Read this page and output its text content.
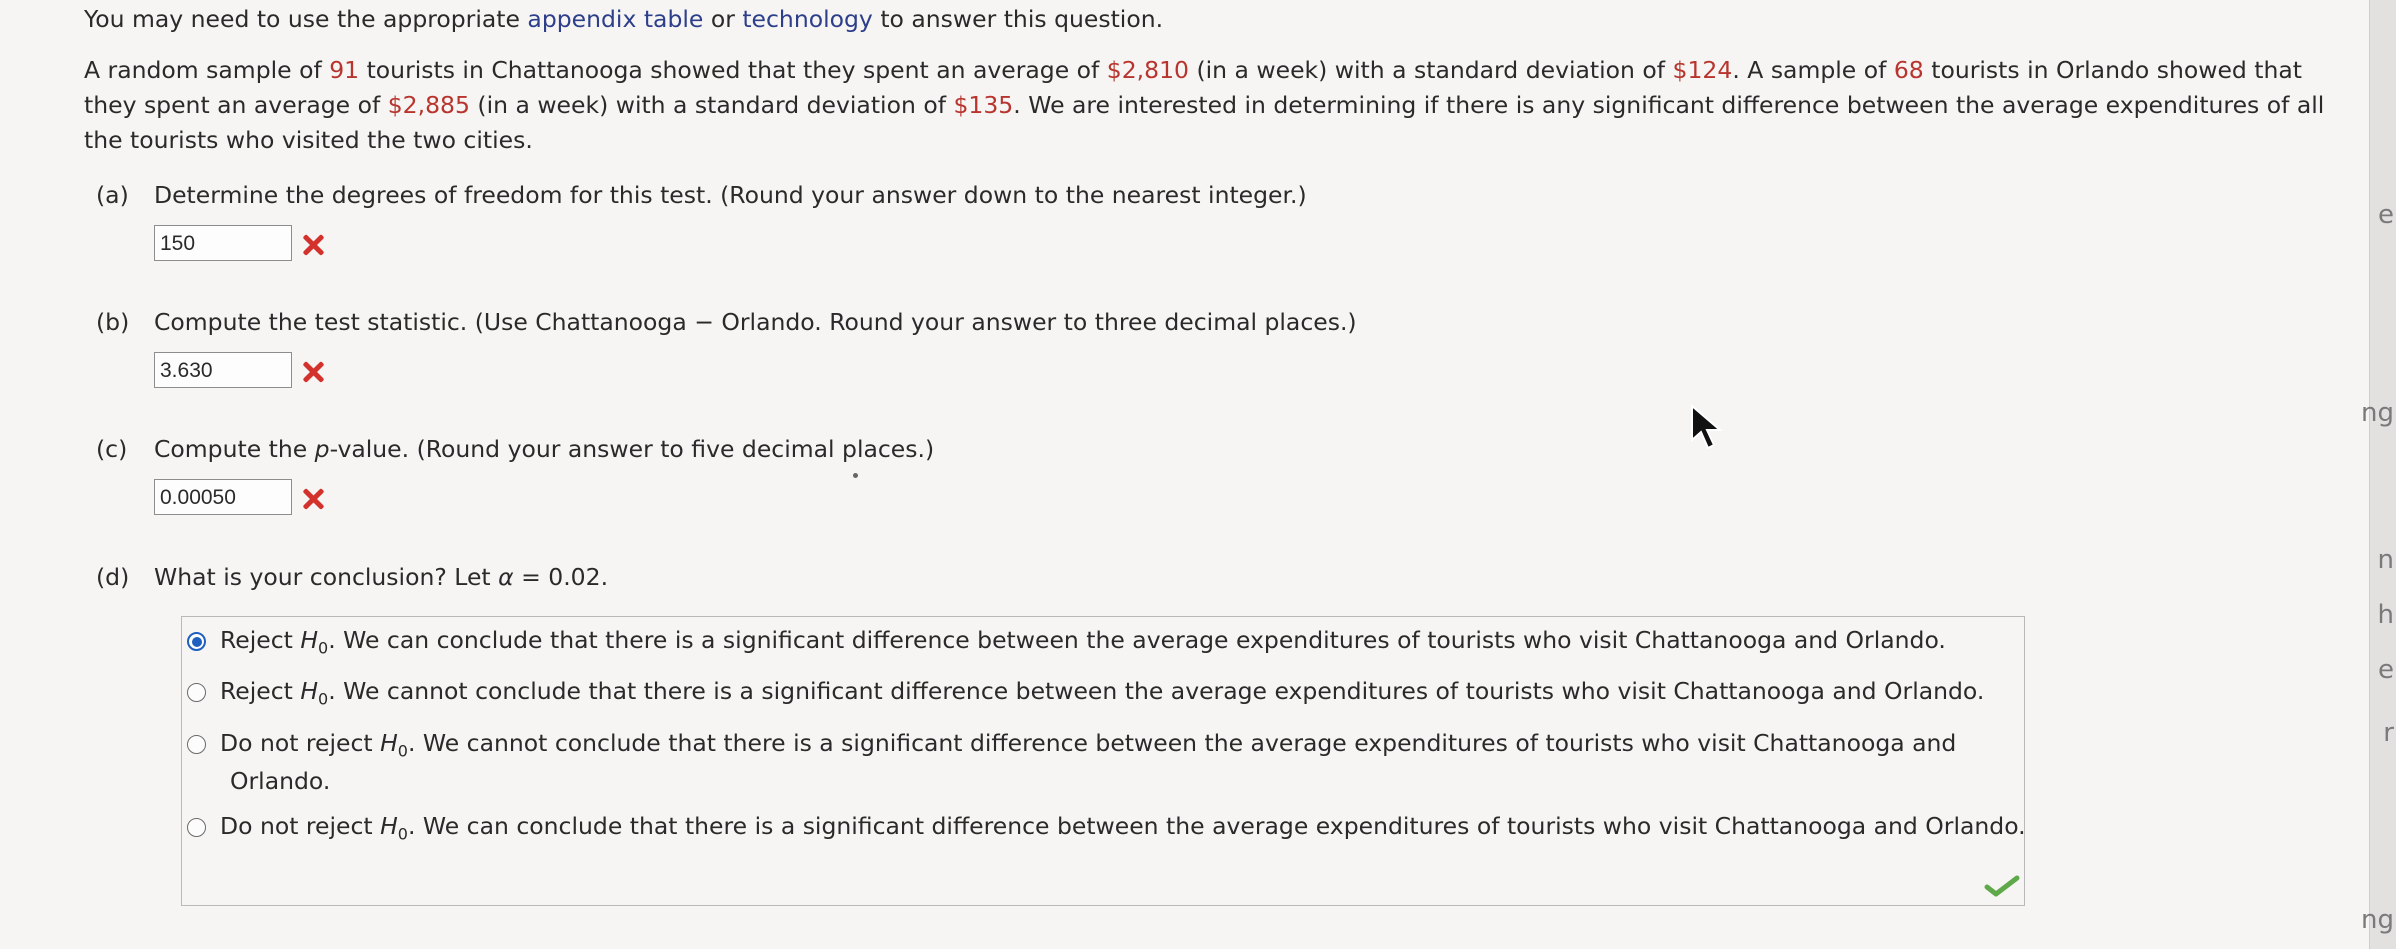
You may need to use the appropriate appendix table or technology to answer this question.
A random sample of 91 tourists in Chattanooga showed that they spent an average of $2,810 (in a week) with a standard deviation of $124. A sample of 68 tourists in Orlando showed that
they spent an average of $2,885 (in a week) with a standard deviation of $135. We are interested in determining if there is any significant difference between the average expenditures of all
the tourists who visited the two cities.
(a) Determine the degrees of freedom for this test. (Round your answer down to the nearest integer.)
150
(b) Compute the test statistic. (Use Chattanooga − Orlando. Round your answer to three decimal places.)
3.630
(c) Compute the p-value. (Round your answer to five decimal places.)
0.00050
(d) What is your conclusion? Let α = 0.02.
Reject $H_0$. We can conclude that there is a significant difference between the average expenditures of tourists who visit Chattanooga and Orlando.
Reject $H_0$. We cannot conclude that there is a significant difference between the average expenditures of tourists who visit Chattanooga and Orlando.
Do not reject $H_0$. We cannot conclude that there is a significant difference between the average expenditures of tourists who visit Chattanooga and
Orlando.
Do not reject $H_0$. We can conclude that there is a significant difference between the average expenditures of tourists who visit Chattanooga and Orlando.
e
ng
n
h
e
r
ng
